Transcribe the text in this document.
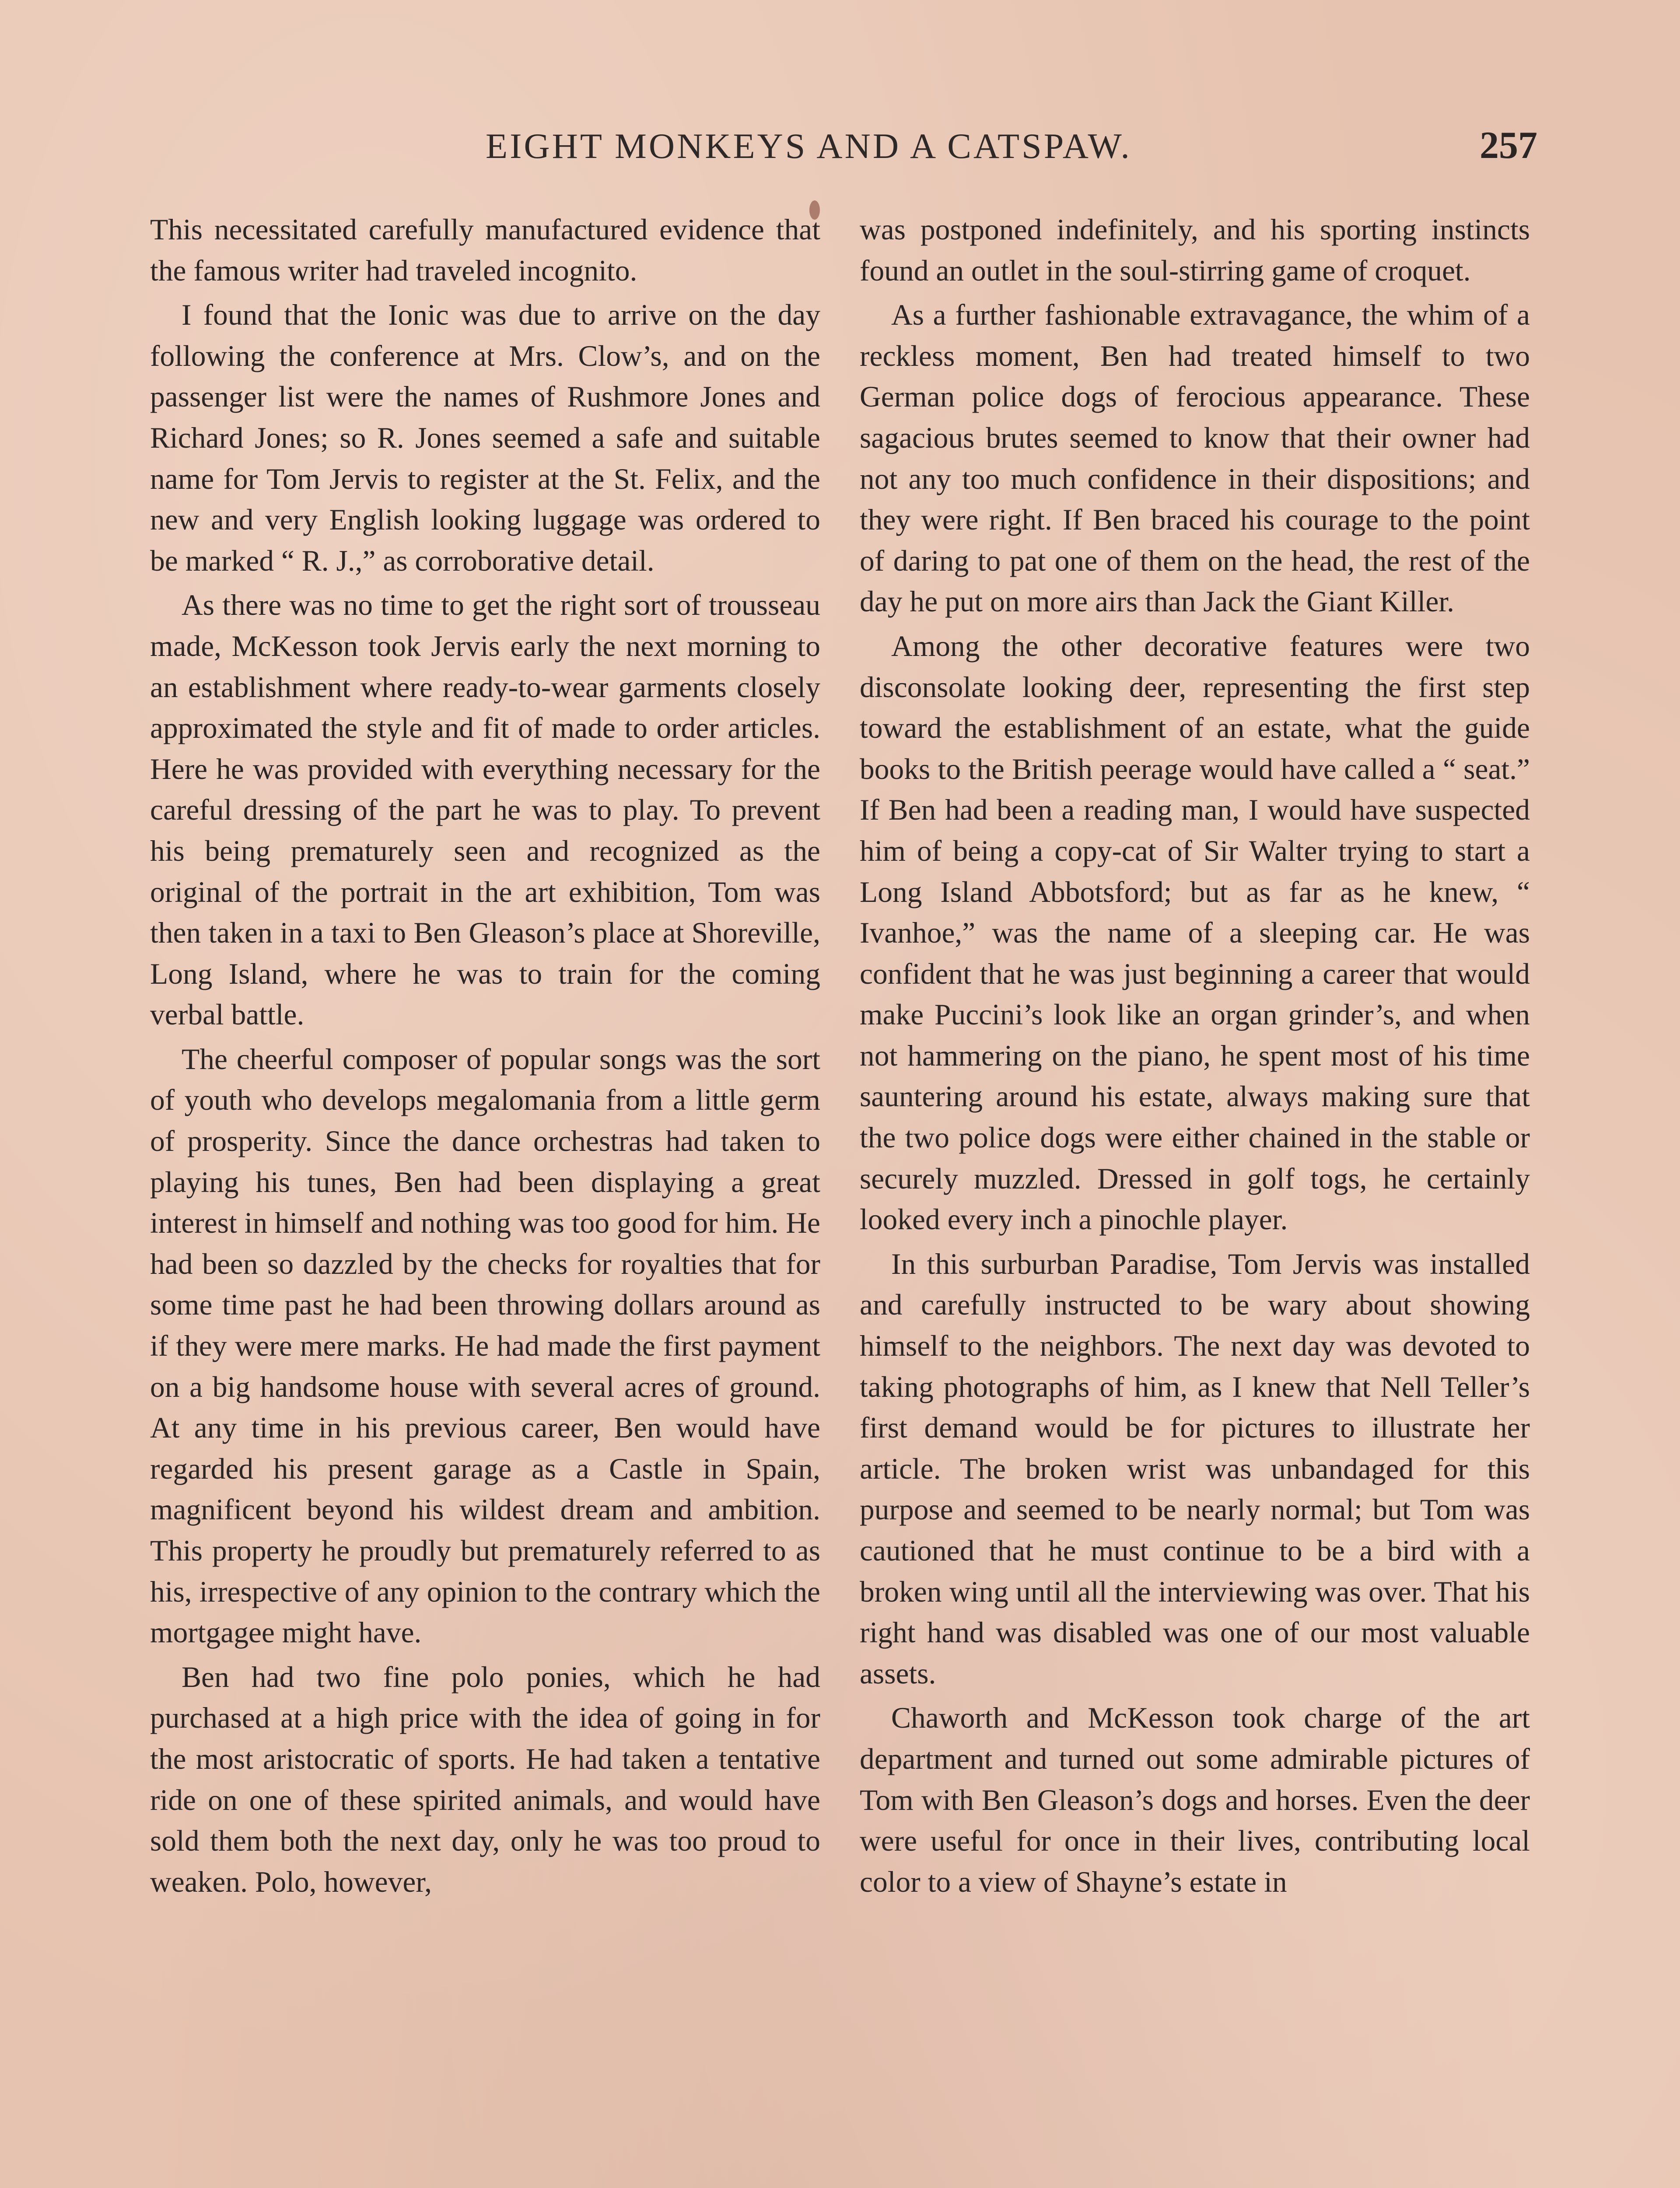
EIGHT MONKEYS AND A CATSPAW.	257

This necessitated carefully manufactured evidence that the famous writer had traveled incognito.

I found that the Ionic was due to arrive on the day following the conference at Mrs. Clow’s, and on the passenger list were the names of Rushmore Jones and Richard Jones; so R. Jones seemed a safe and suitable name for Tom Jervis to register at the St. Felix, and the new and very English looking luggage was ordered to be marked “ R. J.,” as corroborative detail.

As there was no time to get the right sort of trousseau made, McKesson took Jervis early the next morning to an establishment where ready-to-wear garments closely approximated the style and fit of made to order articles. Here he was provided with everything necessary for the careful dressing of the part he was to play. To prevent his being prematurely seen and recognized as the original of the portrait in the art exhibition, Tom was then taken in a taxi to Ben Gleason’s place at Shoreville, Long Island, where he was to train for the coming verbal battle.

The cheerful composer of popular songs was the sort of youth who develops megalomania from a little germ of prosperity. Since the dance orchestras had taken to playing his tunes, Ben had been displaying a great interest in himself and nothing was too good for him. He had been so dazzled by the checks for royalties that for some time past he had been throwing dollars around as if they were mere marks. He had made the first payment on a big handsome house with several acres of ground. At any time in his previous career, Ben would have regarded his present garage as a Castle in Spain, magnificent beyond his wildest dream and ambition. This property he proudly but prematurely referred to as his, irrespective of any opinion to the contrary which the mortgagee might have.

Ben had two fine polo ponies, which he had purchased at a high price with the idea of going in for the most aristocratic of sports. He had taken a tentative ride on one of these spirited animals, and would have sold them both the next day, only he was too proud to weaken. Polo, however,

was postponed indefinitely, and his sporting instincts found an outlet in the soul-stirring game of croquet.

As a further fashionable extravagance, the whim of a reckless moment, Ben had treated himself to two German police dogs of ferocious appearance. These sagacious brutes seemed to know that their owner had not any too much confidence in their dispositions; and they were right. If Ben braced his courage to the point of daring to pat one of them on the head, the rest of the day he put on more airs than Jack the Giant Killer.

Among the other decorative features were two disconsolate looking deer, representing the first step toward the establishment of an estate, what the guide books to the British peerage would have called a “ seat.” If Ben had been a reading man, I would have suspected him of being a copy-cat of Sir Walter trying to start a Long Island Abbotsford; but as far as he knew, “ Ivanhoe,” was the name of a sleeping car. He was confident that he was just beginning a career that would make Puccini’s look like an organ grinder’s, and when not hammering on the piano, he spent most of his time sauntering around his estate, always making sure that the two police dogs were either chained in the stable or securely muzzled. Dressed in golf togs, he certainly looked every inch a pinochle player.

In this surburban Paradise, Tom Jervis was installed and carefully instructed to be wary about showing himself to the neighbors. The next day was devoted to taking photographs of him, as I knew that Nell Teller’s first demand would be for pictures to illustrate her article. The broken wrist was unbandaged for this purpose and seemed to be nearly normal; but Tom was cautioned that he must continue to be a bird with a broken wing until all the interviewing was over. That his right hand was disabled was one of our most valuable assets.

Chaworth and McKesson took charge of the art department and turned out some admirable pictures of Tom with Ben Gleason’s dogs and horses. Even the deer were useful for once in their lives, contributing local color to a view of Shayne’s estate in
